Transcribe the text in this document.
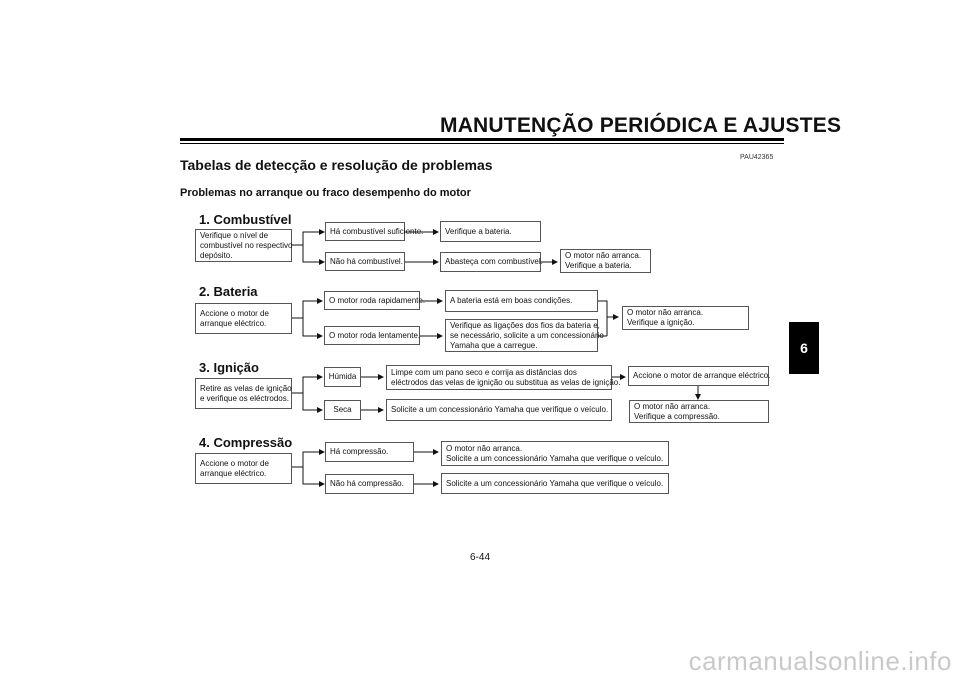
MANUTENÇÃO PERIÓDICA E AJUSTES
PAU42365
Tabelas de detecção e resolução de problemas
Problemas no arranque ou fraco desempenho do motor
6
1. Combustível
Verifique o nível de
combustível no respectivo
depósito.
Há combustível suficiente.
Não há combustível.
Verifique a bateria.
Abasteça com combustível.
O motor não arranca.
Verifique a bateria.
2. Bateria
Accione o motor de
arranque eléctrico.
O motor roda rapidamente.
O motor roda lentamente.
A bateria está em boas condições.
Verifique as ligações dos fios da bateria e,
se necessário, solicite a um concessionário
Yamaha que a carregue.
O motor não arranca.
Verifique a ignição.
3. Ignição
Retire as velas de ignição
e verifique os eléctrodos.
Húmida
Seca
Limpe com um pano seco e corrija as distâncias dos
eléctrodos das velas de ignição ou substitua as velas de ignição.
Solicite a um concessionário Yamaha que verifique o veículo.
Accione o motor de arranque eléctrico.
O motor não arranca.
Verifique a compressão.
4. Compressão
Accione o motor de
arranque eléctrico.
Há compressão.
Não há compressão.
O motor não arranca.
Solicite a um concessionário Yamaha que verifique o veículo.
Solicite a um concessionário Yamaha que verifique o veículo.
6-44
carmanualsonline.info
